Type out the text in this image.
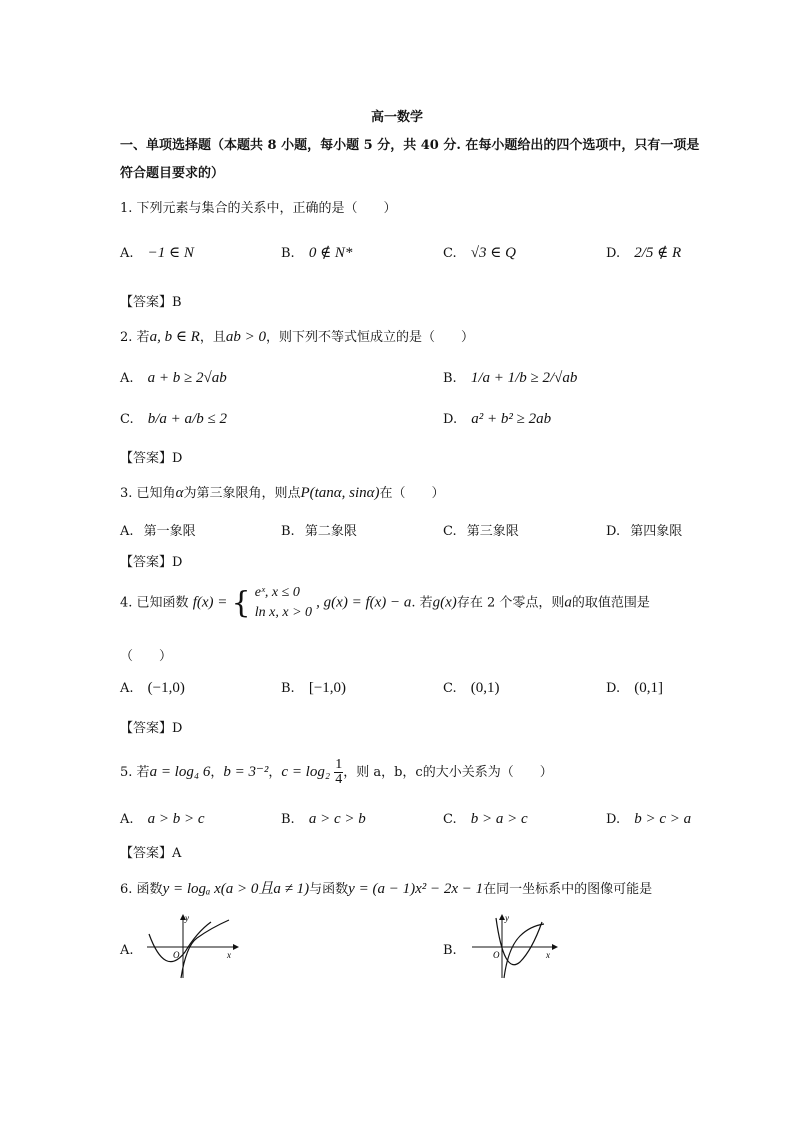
高一数学
一、单项选择题（本题共 8 小题，每小题 5 分，共 40 分. 在每小题给出的四个选项中，只有一项是
符合题目要求的）
1. 下列元素与集合的关系中，正确的是（　　）
A. −1 ∈ N	B. 0 ∉ N*	C. √3 ∈ Q	D. 2/5 ∉ R
【答案】B
2. 若a, b ∈ R，且ab > 0，则下列不等式恒成立的是（　　）
A. a + b ≥ 2√ab	B. 1/a + 1/b ≥ 2/√ab
C. b/a + a/b ≤ 2	D. a² + b² ≥ 2ab
【答案】D
3. 已知角α为第三象限角，则点P(tanα, sinα)在（　　）
A. 第一象限	B. 第二象限	C. 第三象限	D. 第四象限
【答案】D
4. 已知函数 f(x) = { eˣ, x ≤ 0
ln x, x > 0
, g(x) = f(x) − a. 若g(x)存在 2 个零点，则a的取值范围是
（　　）
A. (−1,0)	B. [−1,0)	C. (0,1)	D. (0,1]
【答案】D
5. 若a = log₄ 6，b = 3⁻²，$c = \log_2 \frac{1}{4}$ ，则 a，b，c的大小关系为（　　）
A. a > b > c	B. a > c > b	C. b > a > c	D. b > c > a
【答案】A
6. 函数y = logₐ x(a > 0且a ≠ 1)与函数y = (a − 1)x² − 2x − 1在同一坐标系中的图像可能是
A.
y
x
O	B.
y
x
O
